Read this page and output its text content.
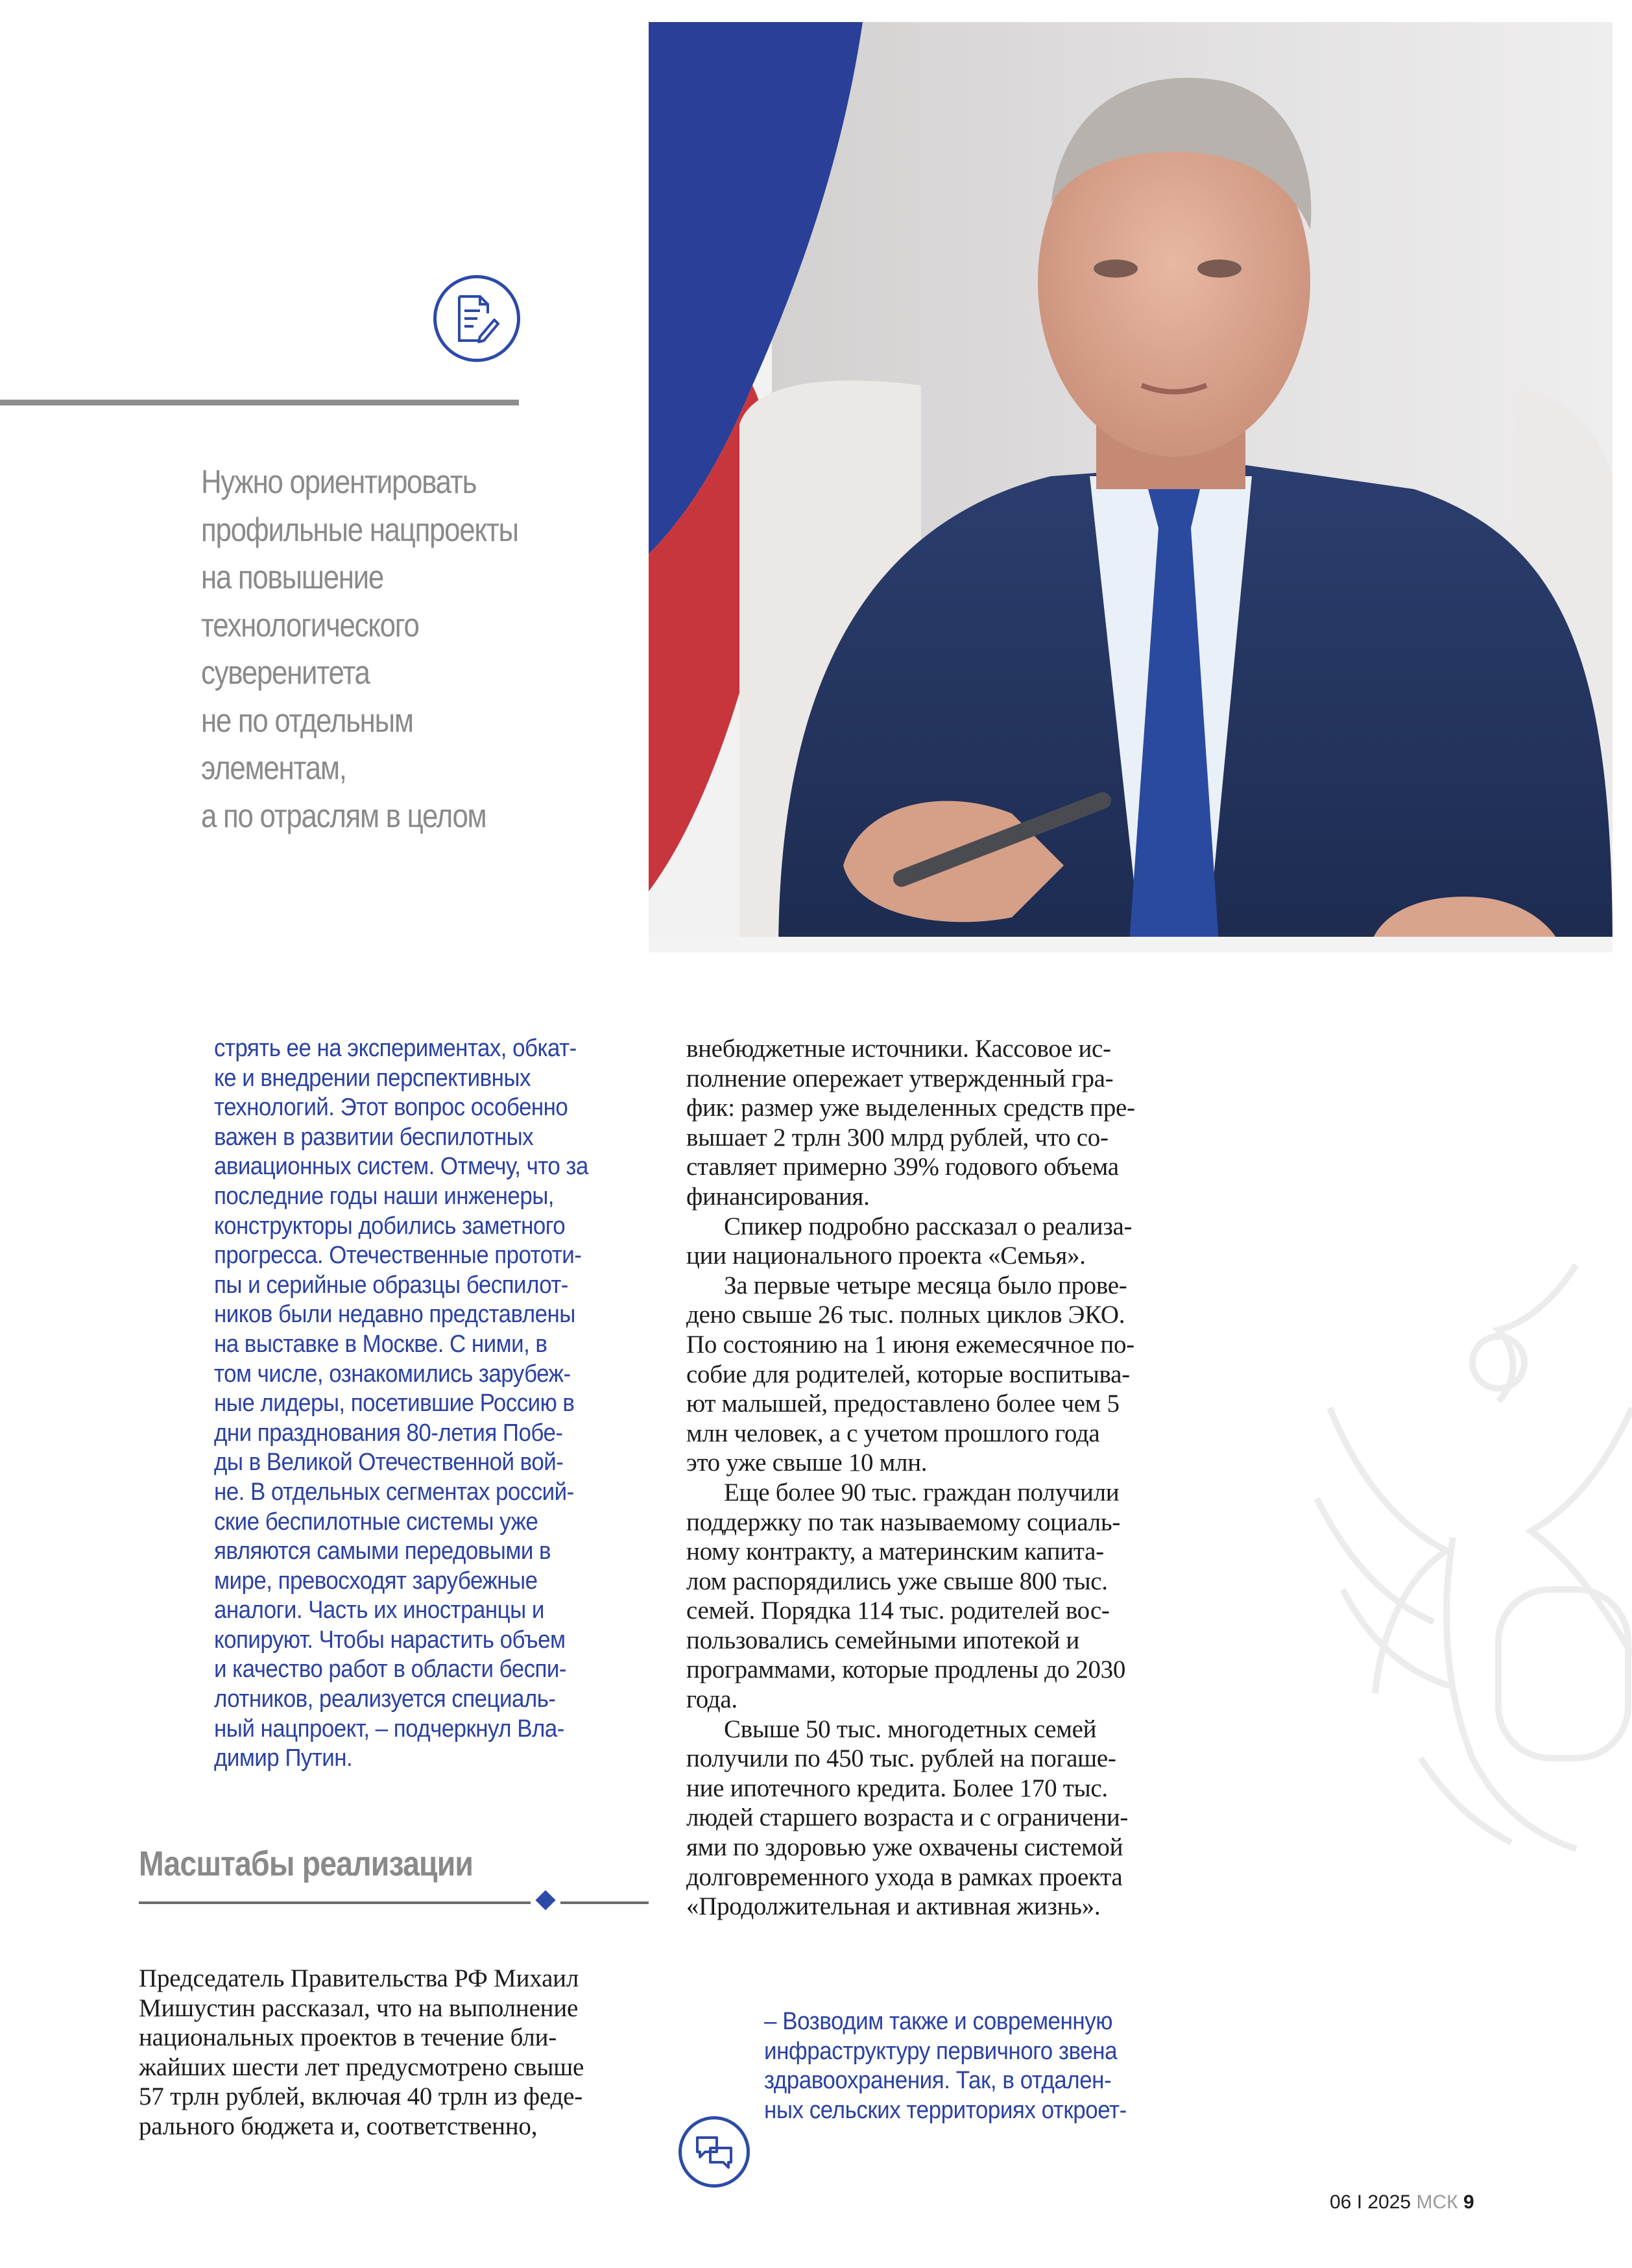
Нужно ориентировать
профильные нацпроекты
на повышение
технологического
суверенитета
не по отдельным
элементам,
а по отраслям в целом
стрять ее на экспериментах, обкат-
ке и внедрении перспективных
технологий. Этот вопрос особенно
важен в развитии беспилотных
авиационных систем. Отмечу, что за
последние годы наши инженеры,
конструкторы добились заметного
прогресса. Отечественные прототи-
пы и серийные образцы беспилот-
ников были недавно представлены
на выставке в Москве. С ними, в
том числе, ознакомились зарубеж-
ные лидеры, посетившие Россию в
дни празднования 80-летия Побе-
ды в Великой Отечественной вой-
не. В отдельных сегментах россий-
ские беспилотные системы уже
являются самыми передовыми в
мире, превосходят зарубежные
аналоги. Часть их иностранцы и
копируют. Чтобы нарастить объем
и качество работ в области беспи-
лотников, реализуется специаль-
ный нацпроект, – подчеркнул Вла-
димир Путин.
Масштабы реализации
Председатель Правительства РФ Михаил
Мишустин рассказал, что на выполнение
национальных проектов в течение бли-
жайших шести лет предусмотрено свыше
57 трлн рублей, включая 40 трлн из феде-
рального бюджета и, соответственно,
внебюджетные источники. Кассовое ис-
полнение опережает утвержденный гра-
фик: размер уже выделенных средств пре-
вышает 2 трлн 300 млрд рублей, что со-
ставляет примерно 39% годового объема
финансирования.
Спикер подробно рассказал о реализа-
ции национального проекта «Семья».
За первые четыре месяца было прове-
дено свыше 26 тыс. полных циклов ЭКО.
По состоянию на 1 июня ежемесячное по-
собие для родителей, которые воспитыва-
ют малышей, предоставлено более чем 5
млн человек, а с учетом прошлого года
это уже свыше 10 млн.
Еще более 90 тыс. граждан получили
поддержку по так называемому социаль-
ному контракту, а материнским капита-
лом распорядились уже свыше 800 тыс.
семей. Порядка 114 тыс. родителей вос-
пользовались семейными ипотекой и
программами, которые продлены до 2030
года.
Свыше 50 тыс. многодетных семей
получили по 450 тыс. рублей на погаше-
ние ипотечного кредита. Более 170 тыс.
людей старшего возраста и с ограничени-
ями по здоровью уже охвачены системой
долговременного ухода в рамках проекта
«Продолжительная и активная жизнь».
– Возводим также и современную
инфраструктуру первичного звена
здравоохранения. Так, в отдален-
ных сельских территориях откроет-
06 I 2025 МСК 9
